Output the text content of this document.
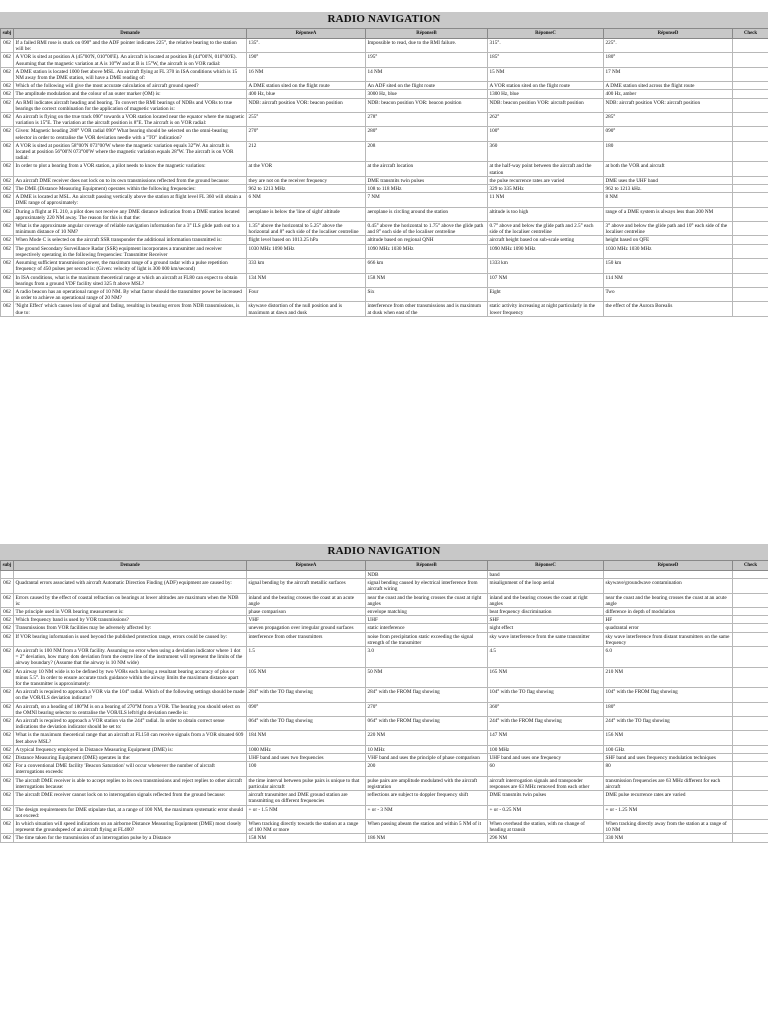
RADIO NAVIGATION
subj	Demande	RéponseA	RéponseB	RéponseC	RéponseD	Check
062	If a failed RMI rose is stuck on 090° and the ADF pointer indicates 225°, the relative bearing to the station will be:	135°.	Impossible to read, due to the RMI failure.	315°.	225°.	
062	A VOR is sited at position A (45°00'N, 010°00'E). An aircraft is located at position B (44°00'N, 010°00'E). Assuming that the magnetic variation at A is 10°W and at B is 15°W, the aircraft is on VOR radial:	190°	195°	185°	180°	
062	A DME station is located 1000 feet above MSL. An aircraft flying at FL 370 in ISA conditions which is 15 NM away from the DME station, will have a DME reading of:	16 NM	14 NM	15 NM	17 NM	
062	Which of the following will give the most accurate calculation of aircraft ground speed?	A DME station sited on the flight route	An ADF sited on the flight route	A VOR station sited on the flight route	A DME station sited across the flight route	
062	The amplitude modulation and the colour of an outer marker (OM) is:	400 Hz, blue	3000 Hz, blue	1300 Hz, blue	400 Hz, amber	
062	An RMI indicates aircraft heading and bearing. To convert the RMI bearings of NDBs and VORs to true bearings the correct combination for the application of magnetic variation is:	NDB: aircraft position VOR: beacon position	NDB: beacon position VOR: beacon position	NDB: beacon position VOR: aircraft position	NDB: aircraft position VOR: aircraft position	
062	An aircraft is flying on the true track 090° towards a VOR station located near the equator where the magnetic variation is 15°E. The variation at the aircraft position is 8°E. The aircraft is on VOR radial:	255°	278°	262°	285°	
062	Given: Magnetic heading 280° VOR radial 090° What bearing should be selected on the omni-bearing selector in order to centralise the VOR deviation needle with a "TO" indication?	270°	280°	100°	090°	
062	A VOR is sited at position 58°00'N 073°00'W where the magnetic variation equals 32°W. An aircraft is located at position 56°00'N 073°00'W where the magnetic variation equals 28°W. The aircraft is on VOR radial:	212	208	360	180	
062	In order to plot a bearing from a VOR station, a pilot needs to know the magnetic variation:	at the VOR	at the aircraft location	at the half-way point between the aircraft and the station	at both the VOR and aircraft	
062	An aircraft DME receiver does not lock on to its own transmissions reflected from the ground because:	they are not on the receiver frequency	DME transmits twin pulses	the pulse recurrence rates are varied	DME uses the UHF band	
062	The DME (Distance Measuring Equipment) operates within the following frequencies:	962 to 1213 MHz	108 to 118 MHz	329 to 335 MHz	962 to 1213 kHz.	
062	A DME is located at MSL. An aircraft passing vertically above the station at flight level FL 360 will obtain a DME range of approximately:	6 NM	7 NM	11 NM	8 NM	
062	During a flight at FL 210, a pilot does not receive any DME distance indication from a DME station located approximately 220 NM away. The reason for this is that the:	aeroplane is below the 'line of sight' altitude	aeroplane is circling around the station	altitude is too high	range of a DME system is always less than 200 NM	
062	What is the approximate angular coverage of reliable navigation information for a 3° ILS glide path out to a minimum distance of 10 NM?	1.35° above the horizontal to 5.25° above the horizontal and 8° each side of the localiser centreline	0.45° above the horizontal to 1.75° above the glide path and 8° each side of the localiser centreline	0.7° above and below the glide path and 2.5° each side of the localiser centreline	3° above and below the glide path and 10° each side of the localiser centreline	
062	When Mode C is selected on the aircraft SSR transponder the additional information transmitted is:	flight level based on 1013.25 hPa	altitude based on regional QNH	aircraft height based on sub-scale setting	height based on QFE	
062	The ground Secondary Surveillance Radar (SSR) equipment incorporates a transmitter and receiver respectively operating in the following frequencies: Transmitter Receiver	1030 MHz 1090 MHz	1090 MHz 1030 MHz	1090 MHz 1090 MHz	1030 MHz 1030 MHz	
062	Assuming sufficient transmission power, the maximum range of a ground radar with a pulse repetition frequency of 450 pulses per second is: (Given: velocity of light is 300 000 km/second)	333 km	666 km	1333 km	150 km	
062	In ISA conditions, what is the maximum theoretical range at which an aircraft at FL80 can expect to obtain bearings from a ground VDF facility sited 325 ft above MSL?	134 NM	158 NM	107 NM	114 NM	
062	A radio beacon has an operational range of 10 NM. By what factor should the transmitter power be increased in order to achieve an operational range of 20 NM?	Four	Six	Eight	Two	
062	'Night Effect' which causes loss of signal and fading, resulting in bearing errors from NDB transmissions, is due to:	skywave distortion of the null position and is maximum at dawn and dusk	interference from other transmissions and is maximum at dusk when east of the	static activity increasing at night particularly in the lower frequency	the effect of the Aurora Borealis	
RADIO NAVIGATION
subj	Demande	RéponseA	RéponseB	RéponseC	RéponseD	Check
			NDB	band		
062	Quadrantal errors associated with aircraft Automatic Direction Finding (ADF) equipment are caused by:	signal bending by the aircraft metallic surfaces	signal bending caused by electrical interference from aircraft wiring	misalignment of the loop aerial	skywave/groundwave contamination	
062	Errors caused by the effect of coastal refraction on bearings at lower altitudes are maximum when the NDB is:	inland and the bearing crosses the coast at an acute angle	near the coast and the bearing crosses the coast at right angles	inland and the bearing crosses the coast at right angles	near the coast and the bearing crosses the coast at an acute angle	
062	The principle used in VOR bearing measurement is:	phase comparison	envelope matching	beat frequency discrimination	difference in depth of modulation	
062	Which frequency band is used by VOR transmissions?	VHF	UHF	SHF	HF	
062	Transmissions from VOR facilities may be adversely affected by:	uneven propagation over irregular ground surfaces	static interference	night effect	quadrantal error	
062	If VOR bearing information is used beyond the published protection range, errors could be caused by:	interference from other transmitters	noise from precipitation static exceeding the signal strength of the transmitter	sky wave interference from the same transmitter	sky wave interference from distant transmitters on the same frequency	
062	An aircraft is 100 NM from a VOR facility. Assuming no error when using a deviation indicator where 1 dot = 2° deviation, how many dots deviation from the centre line of the instrument will represent the limits of the airway boundary? (Assume that the airway is 10 NM wide)	1.5	3.0	4.5	6.0	
062	An airway 10 NM wide is to be defined by two VORs each having a resultant bearing accuracy of plus or minus 5.5°. In order to ensure accurate track guidance within the airway limits the maximum distance apart for the transmitter is approximately:	105 NM	50 NM	165 NM	210 NM	
062	An aircraft is required to approach a VOR via the 104° radial. Which of the following settings should be made on the VOR/ILS deviation indicator?	284° with the TO flag showing	284° with the FROM flag showing	104° with the TO flag showing	104° with the FROM flag showing	
062	An aircraft, on a heading of 180°M is on a bearing of 270°M from a VOR. The bearing you should select on the OMNI bearing selector to centralise the VOR/ILS left/right deviation needle is:	090°	270°	360°	180°	
062	An aircraft is required to approach a VOR station via the 244° radial. In order to obtain correct sense indications the deviation indicator should be set to:	064° with the TO flag showing	064° with the FROM flag showing	244° with the FROM flag showing	244° with the TO flag showing	
062	What is the maximum theoretical range that an aircraft at FL150 can receive signals from a VOR situated 609 feet above MSL?	184 NM	220 NM	147 NM	156 NM	
062	A typical frequency employed in Distance Measuring Equipment (DME) is:	1000 MHz	10 MHz	100 MHz	100 GHz	
062	Distance Measuring Equipment (DME) operates in the:	UHF band and uses two frequencies	VHF band and uses the principle of phase comparison	UHF band and uses one frequency	SHF band and uses frequency modulation techniques	
062	For a conventional DME facility 'Beacon Saturation' will occur whenever the number of aircraft interrogations exceeds:	100	200	60	80	
062	The aircraft DME receiver is able to accept replies to its own transmissions and reject replies to other aircraft interrogations because:	the time interval between pulse pairs is unique to that particular aircraft	pulse pairs are amplitude modulated with the aircraft registration	aircraft interrogation signals and transponder responses are 63 MHz removed from each other	transmission frequencies are 63 MHz different for each aircraft	
062	The aircraft DME receiver cannot lock on to interrogation signals reflected from the ground because:	aircraft transmitter and DME ground station are transmitting on different frequencies	reflections are subject to doppler frequency shift	DME transmits twin pulses	DME pulse recurrence rates are varied	
062	The design requirements for DME stipulate that, at a range of 100 NM, the maximum systematic error should not exceed:	+ or - 1.5 NM	+ or - 3 NM	+ or - 0.25 NM	+ or - 1.25 NM	
062	In which situation will speed indications on an airborne Distance Measuring Equipment (DME) most closely represent the groundspeed of an aircraft flying at FL400?	When tracking directly towards the station at a range of 100 NM or more	When passing abeam the station and within 5 NM of it	When overhead the station, with no change of heading at transit	When tracking directly away from the station at a range of 10 NM	
062	The time taken for the transmission of an interrogation pulse by a Distance	158 NM	186 NM	296 NM	330 NM	
